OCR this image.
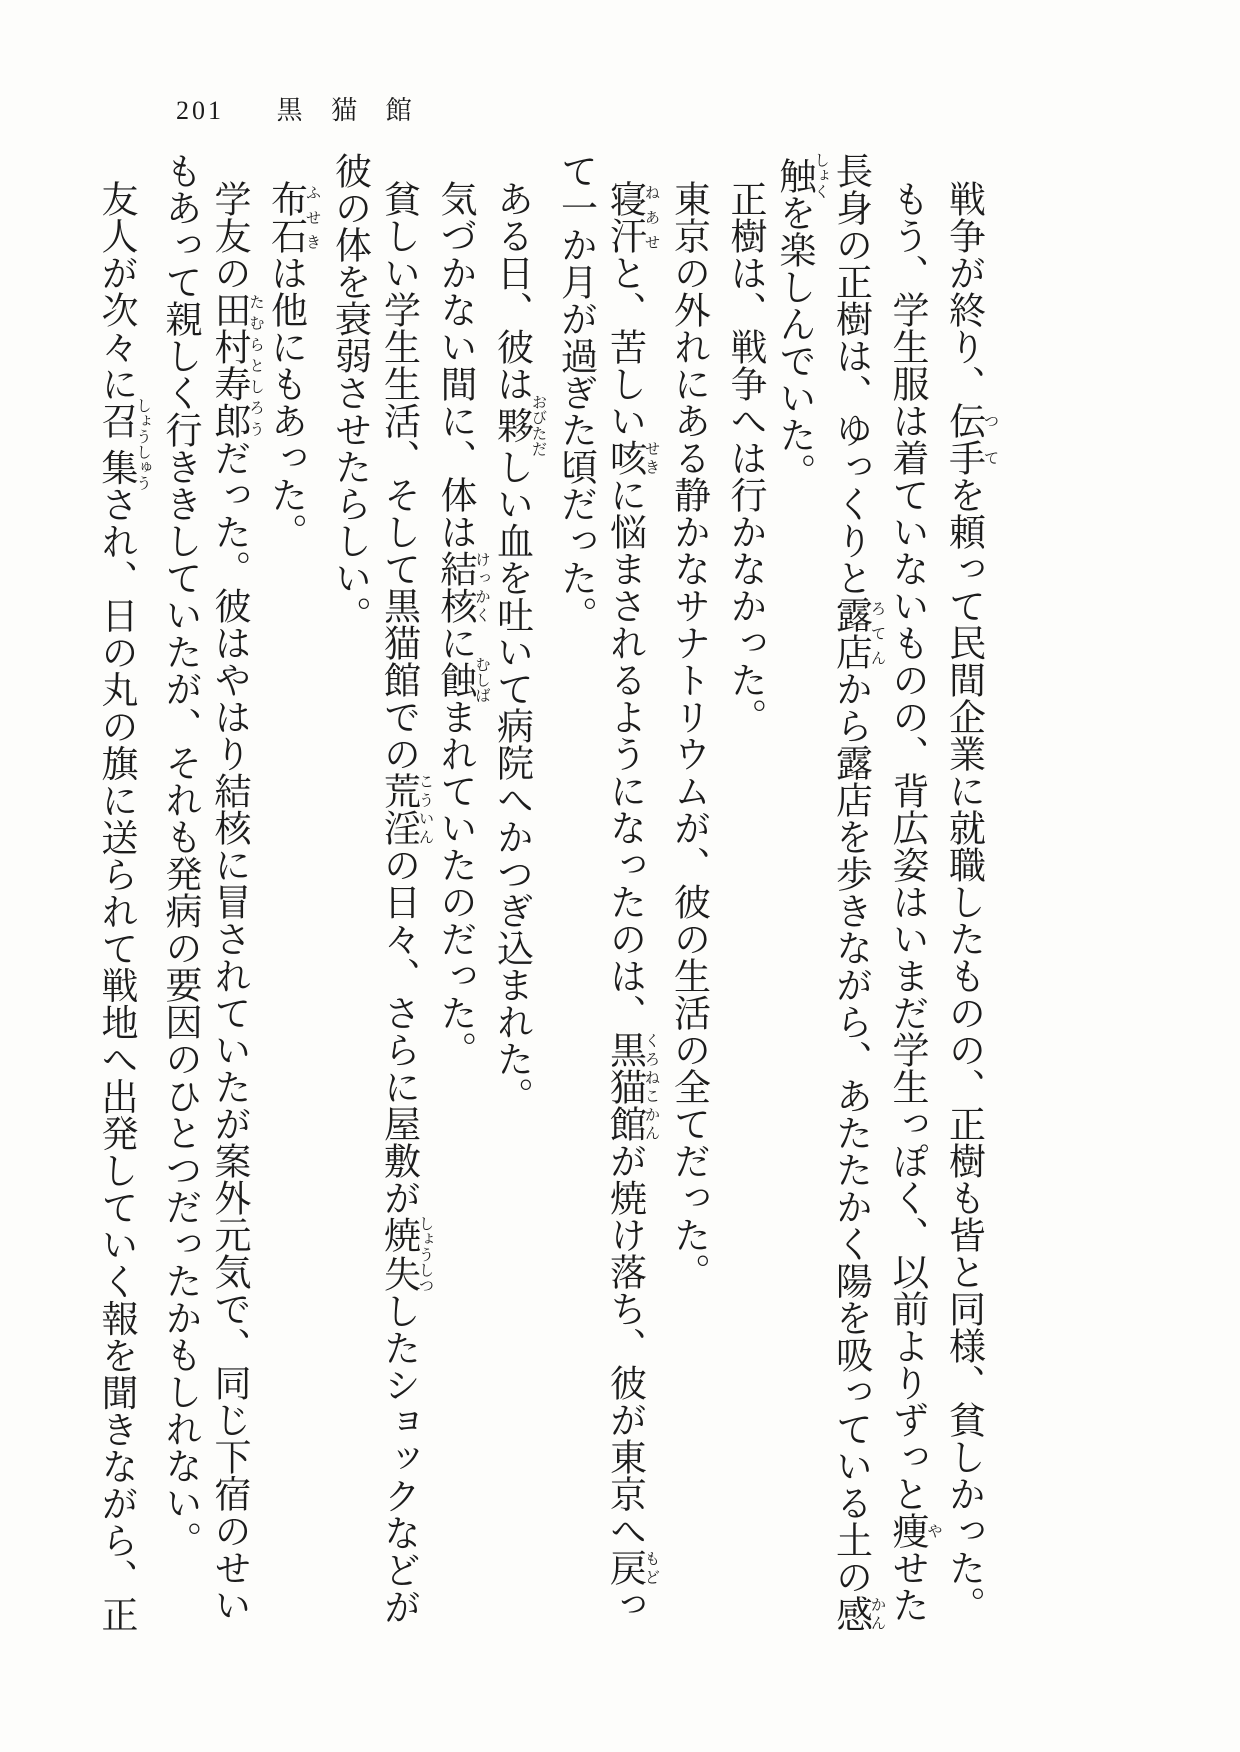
201 黒猫館
戦争が終り、伝手つてを頼って民間企業に就職したものの、正樹も皆と同様、貧しかった。
もう、学生服は着ていないものの、背広姿はいまだ学生っぽく、以前よりずっと痩やせた
長身の正樹は、ゆっくりと露店ろてんから露店を歩きながら、あたたかく陽を吸っている土の感かん
触しょくを楽しんでいた。
正樹は、戦争へは行かなかった。
東京の外れにある静かなサナトリウムが、彼の生活の全てだった。
寝汗ねあせと、苦しい咳せきに悩まされるようになったのは、黒猫館くろねこかんが焼け落ち、彼が東京へ戻もどっ
て一か月が過ぎた頃だった。
ある日、彼は夥おびただしい血を吐いて病院へかつぎ込まれた。
気づかない間に、体は結核けっかくに蝕むしばまれていたのだった。
貧しい学生生活、そして黒猫館での荒淫こういんの日々、さらに屋敷が焼失しょうしつしたショックなどが
彼の体を衰弱させたらしい。
布石ふせきは他にもあった。
学友の田村寿郎たむらとしろうだった。彼はやはり結核に冒されていたが案外元気で、同じ下宿のせい
もあって親しく行ききしていたが、それも発病の要因のひとつだったかもしれない。
友人が次々に召集しょうしゅうされ、日の丸の旗に送られて戦地へ出発していく報を聞きながら、正
